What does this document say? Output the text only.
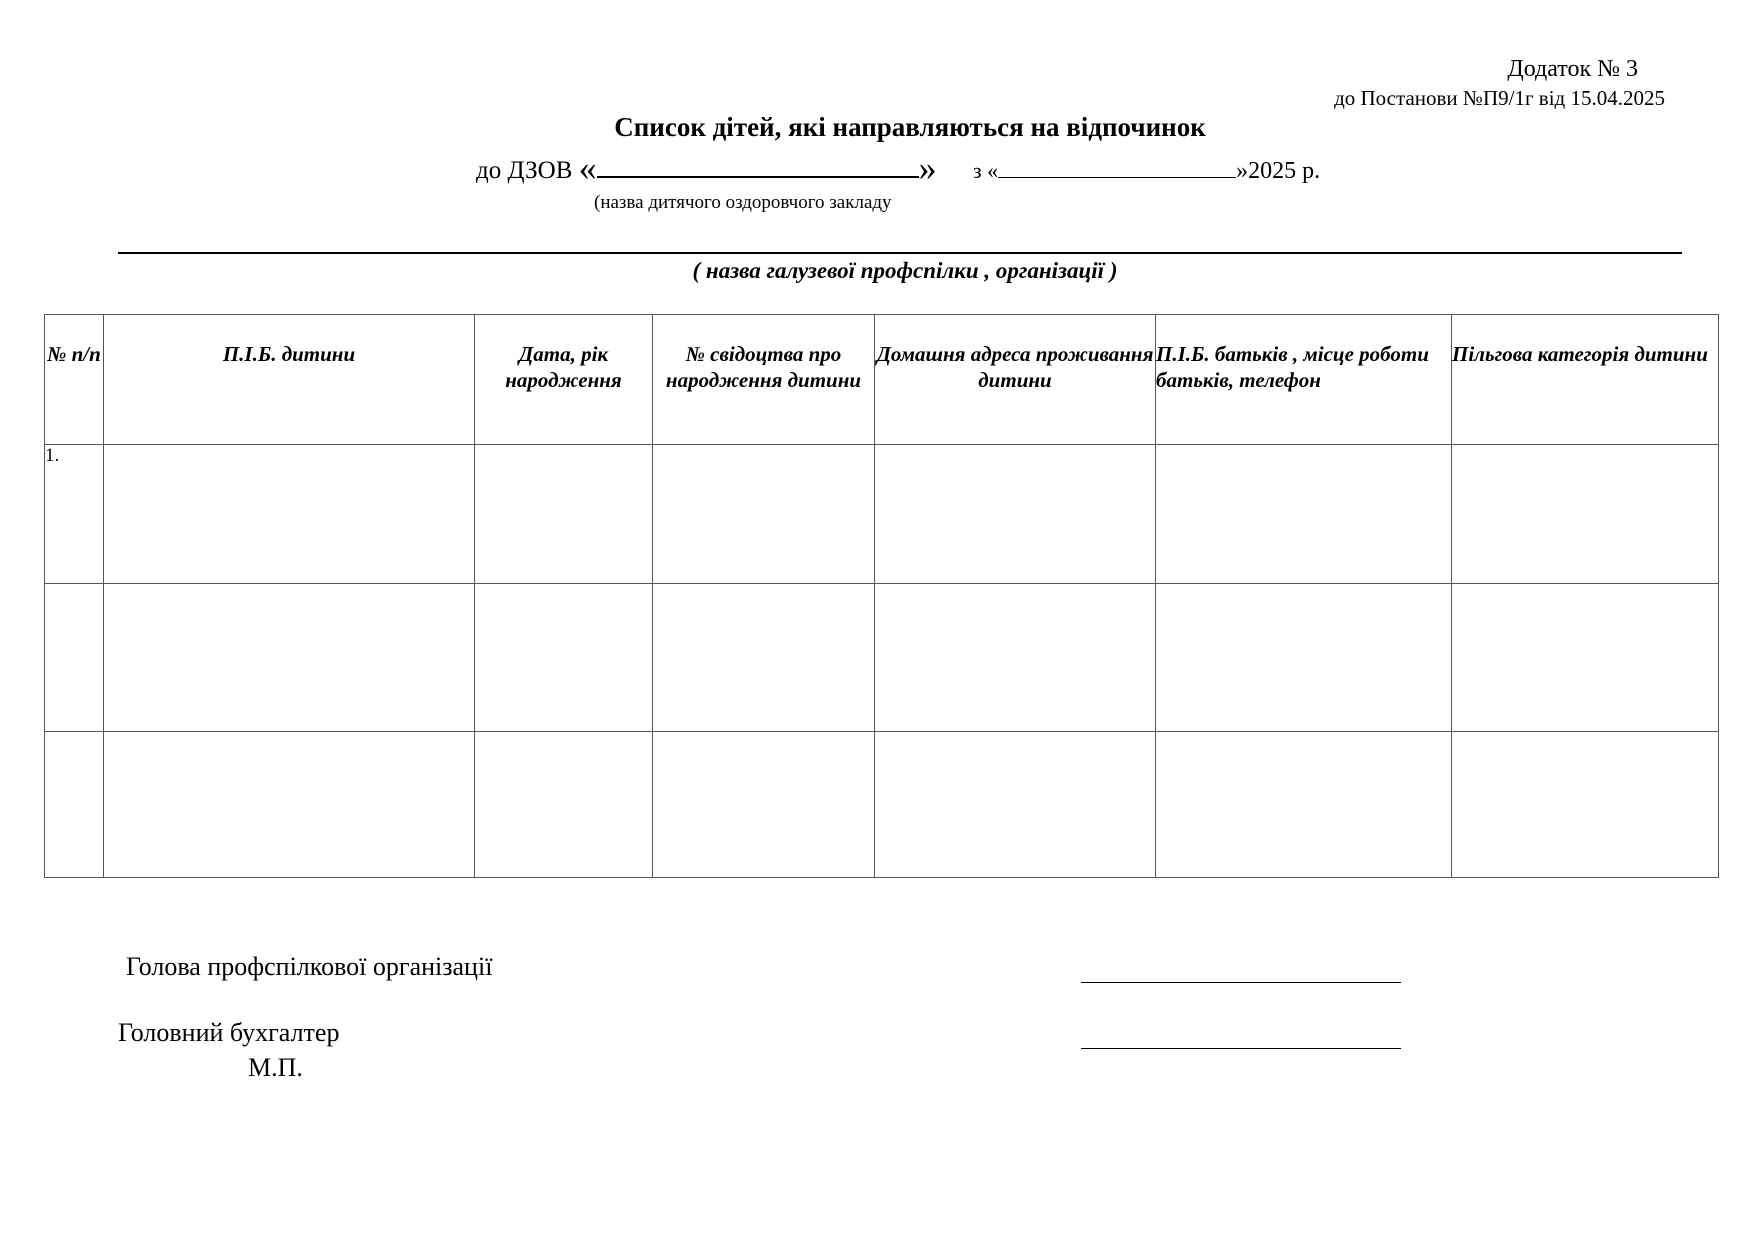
Додаток № 3
до Постанови №П9/1г від 15.04.2025
Список дітей, які направляються на відпочинок
до ДЗОВ «	» з «	»2025 р.
(назва дитячого оздоровчого закладу
( назва галузевої профспілки , організації )
№ п/п	П.І.Б. дитини	Дата, рік народження	№ свідоцтва про народження дитини	Домашня адреса проживання дитини	П.І.Б. батьків , місце роботи батьків, телефон	Пільгова категорія дитини
1.						

Голова профспілкової організації
Головний бухгалтер
М.П.
